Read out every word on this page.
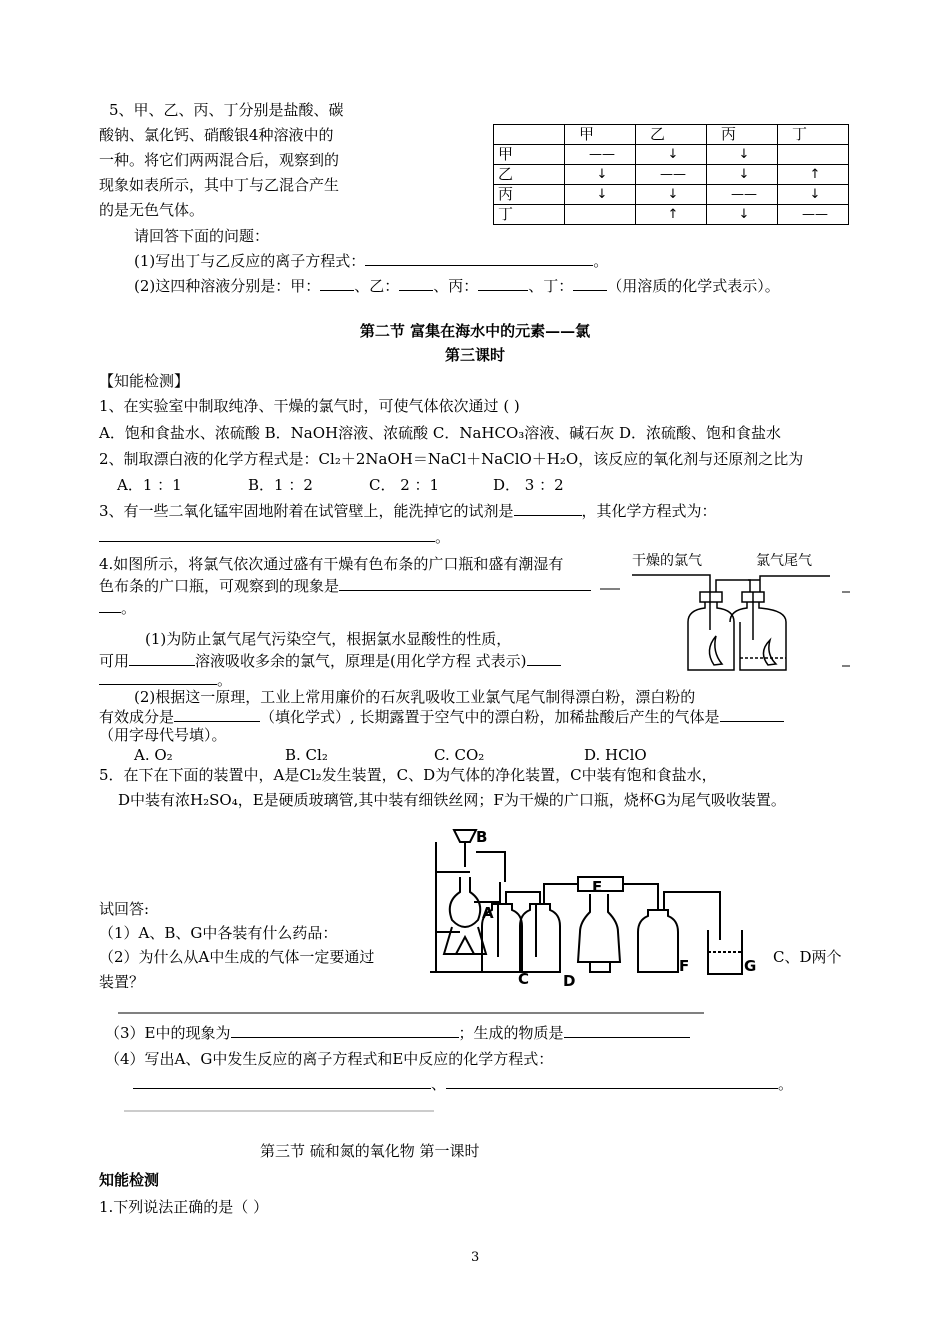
5、甲、乙、丙、丁分别是盐酸、碳
酸钠、氯化钙、硝酸银4种溶液中的
一种。将它们两两混合后，观察到的
现象如表所示，其中丁与乙混合产生
的是无色气体。
	甲	乙	丙	丁
甲	——	↓	↓	

乙	↓	——	↓	↑

丙	↓	↓	——	↓

丁		↑	↓	——
请回答下面的问题：
(1)写出丁与乙反应的离子方程式：	。
(2)这四种溶液分别是：甲： 、乙： 、丙：	、丁： （用溶质的化学式表示）。
第二节 富集在海水中的元素——氯
第三课时
【知能检测】
1、在实验室中制取纯净、干燥的氯气时，可使气体依次通过 ( )
A．饱和食盐水、浓硫酸 B．NaOH溶液、浓硫酸 C．NaHCO₃溶液、碱石灰 D．浓硫酸、饱和食盐水
2、制取漂白液的化学方程式是：Cl₂＋2NaOH＝NaCl＋NaClO＋H₂O，该反应的氧化剂与还原剂之比为
A．1 ：1	B．1 ：2	C． 2 ：1	D． 3 ：2
3、有一些二氧化锰牢固地附着在试管壁上，能洗掉它的试剂是	，其化学方程式为：
。
4.如图所示，将氯气依次通过盛有干燥有色布条的广口瓶和盛有潮湿有
色布条的广口瓶，可观察到的现象是
。
(1)为防止氯气尾气污染空气，根据氯水显酸性的性质，
可用	溶液吸收多余的氯气，原理是(用化学方程 式表示)
。
(2)根据这一原理，工业上常用廉价的石灰乳吸收工业氯气尾气制得漂白粉，漂白粉的
有效成分是	（填化学式）, 长期露置于空气中的漂白粉，加稀盐酸后产生的气体是
（用字母代号填）。
A. O₂	B. Cl₂	C. CO₂	D. HClO
干燥的氯气	氯气尾气
5．在下在下面的装置中，A是Cl₂发生装置，C、D为气体的净化装置，C中装有饱和食盐水，
D中装有浓H₂SO₄，E是硬质玻璃管,其中装有细铁丝网；F为干燥的广口瓶，烧杯G为尾气吸收装置。
B
A
C D
E
F	G
试回答:
（1）A、B、G中各装有什么药品：
（2）为什么从A中生成的气体一定要通过	C、D两个
装置？
（3）E中的现象为	；生成的物质是
（4）写出A、G中发生反应的离子方程式和E中反应的化学方程式：
、	。
第三节 硫和氮的氧化物 第一课时
知能检测
1.下列说法正确的是（ ）
3
